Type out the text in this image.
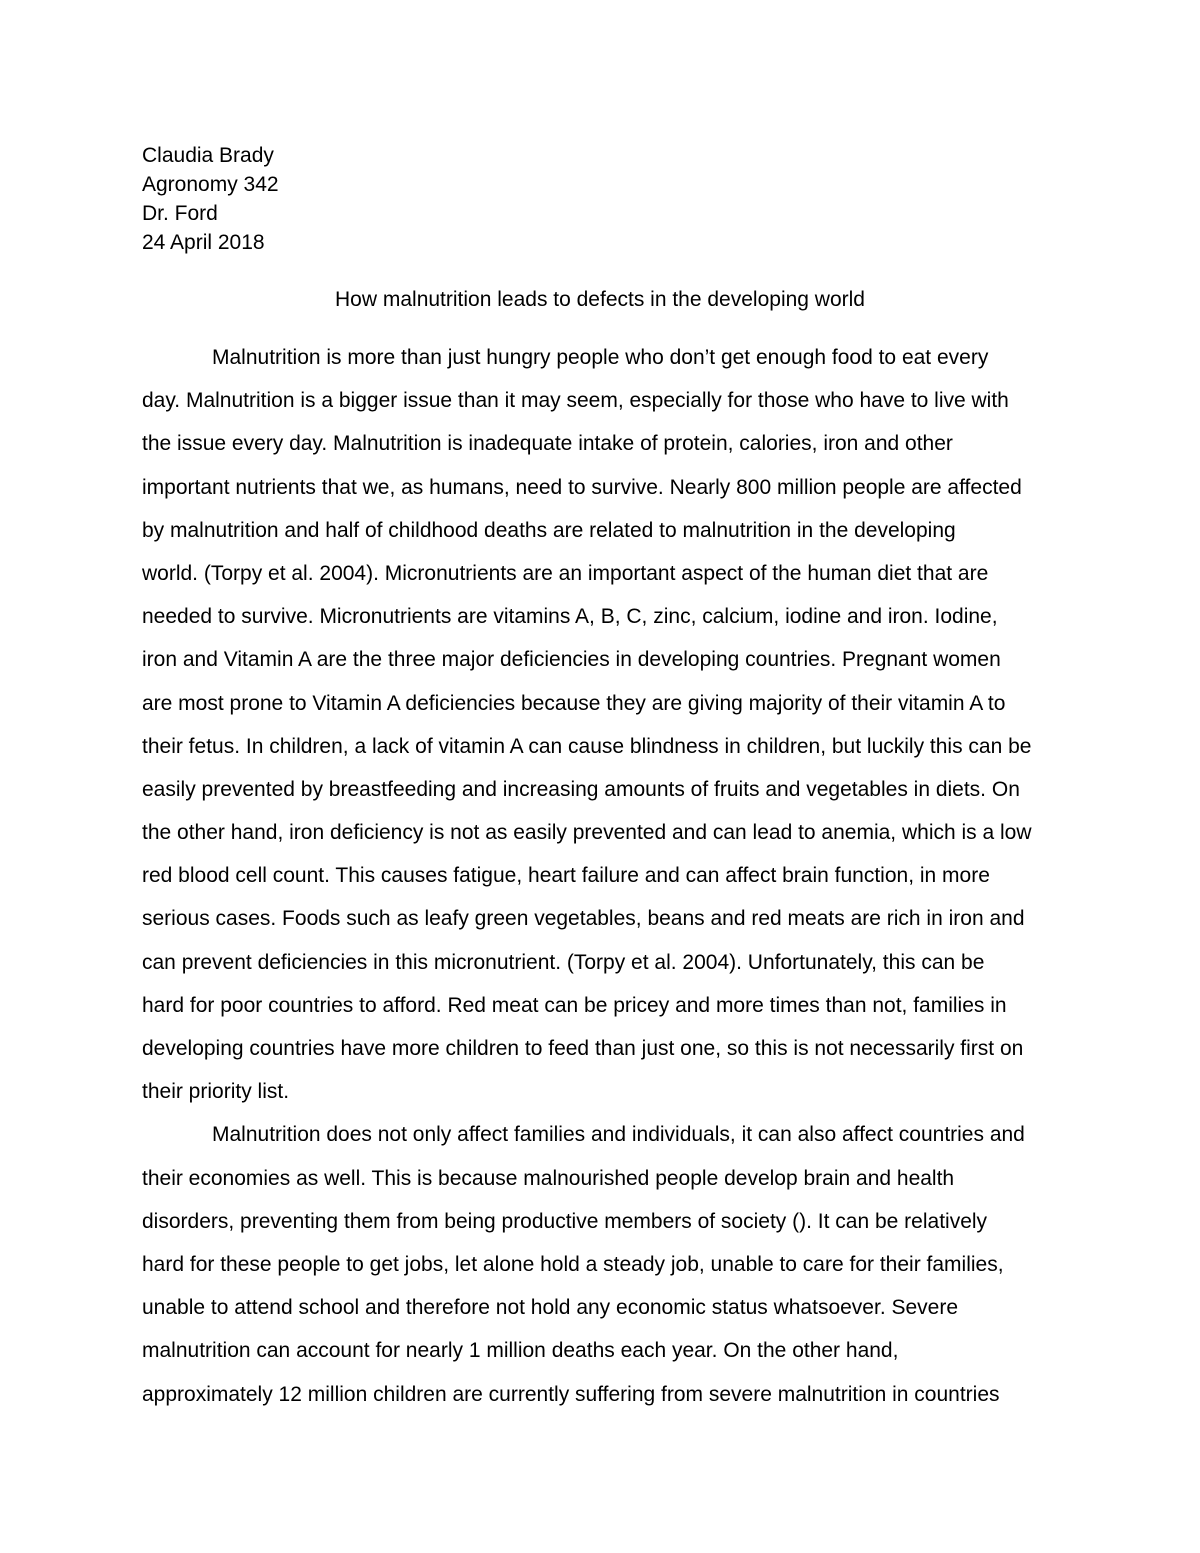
Claudia Brady
Agronomy 342
Dr. Ford
24 April 2018
How malnutrition leads to defects in the developing world
Malnutrition is more than just hungry people who don’t get enough food to eat every
day. Malnutrition is a bigger issue than it may seem, especially for those who have to live with
the issue every day. Malnutrition is inadequate intake of protein, calories, iron and other
important nutrients that we, as humans, need to survive. Nearly 800 million people are affected
by malnutrition and half of childhood deaths are related to malnutrition in the developing
world. (Torpy et al. 2004). Micronutrients are an important aspect of the human diet that are
needed to survive. Micronutrients are vitamins A, B, C, zinc, calcium, iodine and iron. Iodine,
iron and Vitamin A are the three major deficiencies in developing countries. Pregnant women
are most prone to Vitamin A deficiencies because they are giving majority of their vitamin A to
their fetus. In children, a lack of vitamin A can cause blindness in children, but luckily this can be
easily prevented by breastfeeding and increasing amounts of fruits and vegetables in diets. On
the other hand, iron deficiency is not as easily prevented and can lead to anemia, which is a low
red blood cell count. This causes fatigue, heart failure and can affect brain function, in more
serious cases. Foods such as leafy green vegetables, beans and red meats are rich in iron and
can prevent deficiencies in this micronutrient. (Torpy et al. 2004). Unfortunately, this can be
hard for poor countries to afford. Red meat can be pricey and more times than not, families in
developing countries have more children to feed than just one, so this is not necessarily first on
their priority list.
Malnutrition does not only affect families and individuals, it can also affect countries and
their economies as well. This is because malnourished people develop brain and health
disorders, preventing them from being productive members of society (). It can be relatively
hard for these people to get jobs, let alone hold a steady job, unable to care for their families,
unable to attend school and therefore not hold any economic status whatsoever. Severe
malnutrition can account for nearly 1 million deaths each year. On the other hand,
approximately 12 million children are currently suffering from severe malnutrition in countries
